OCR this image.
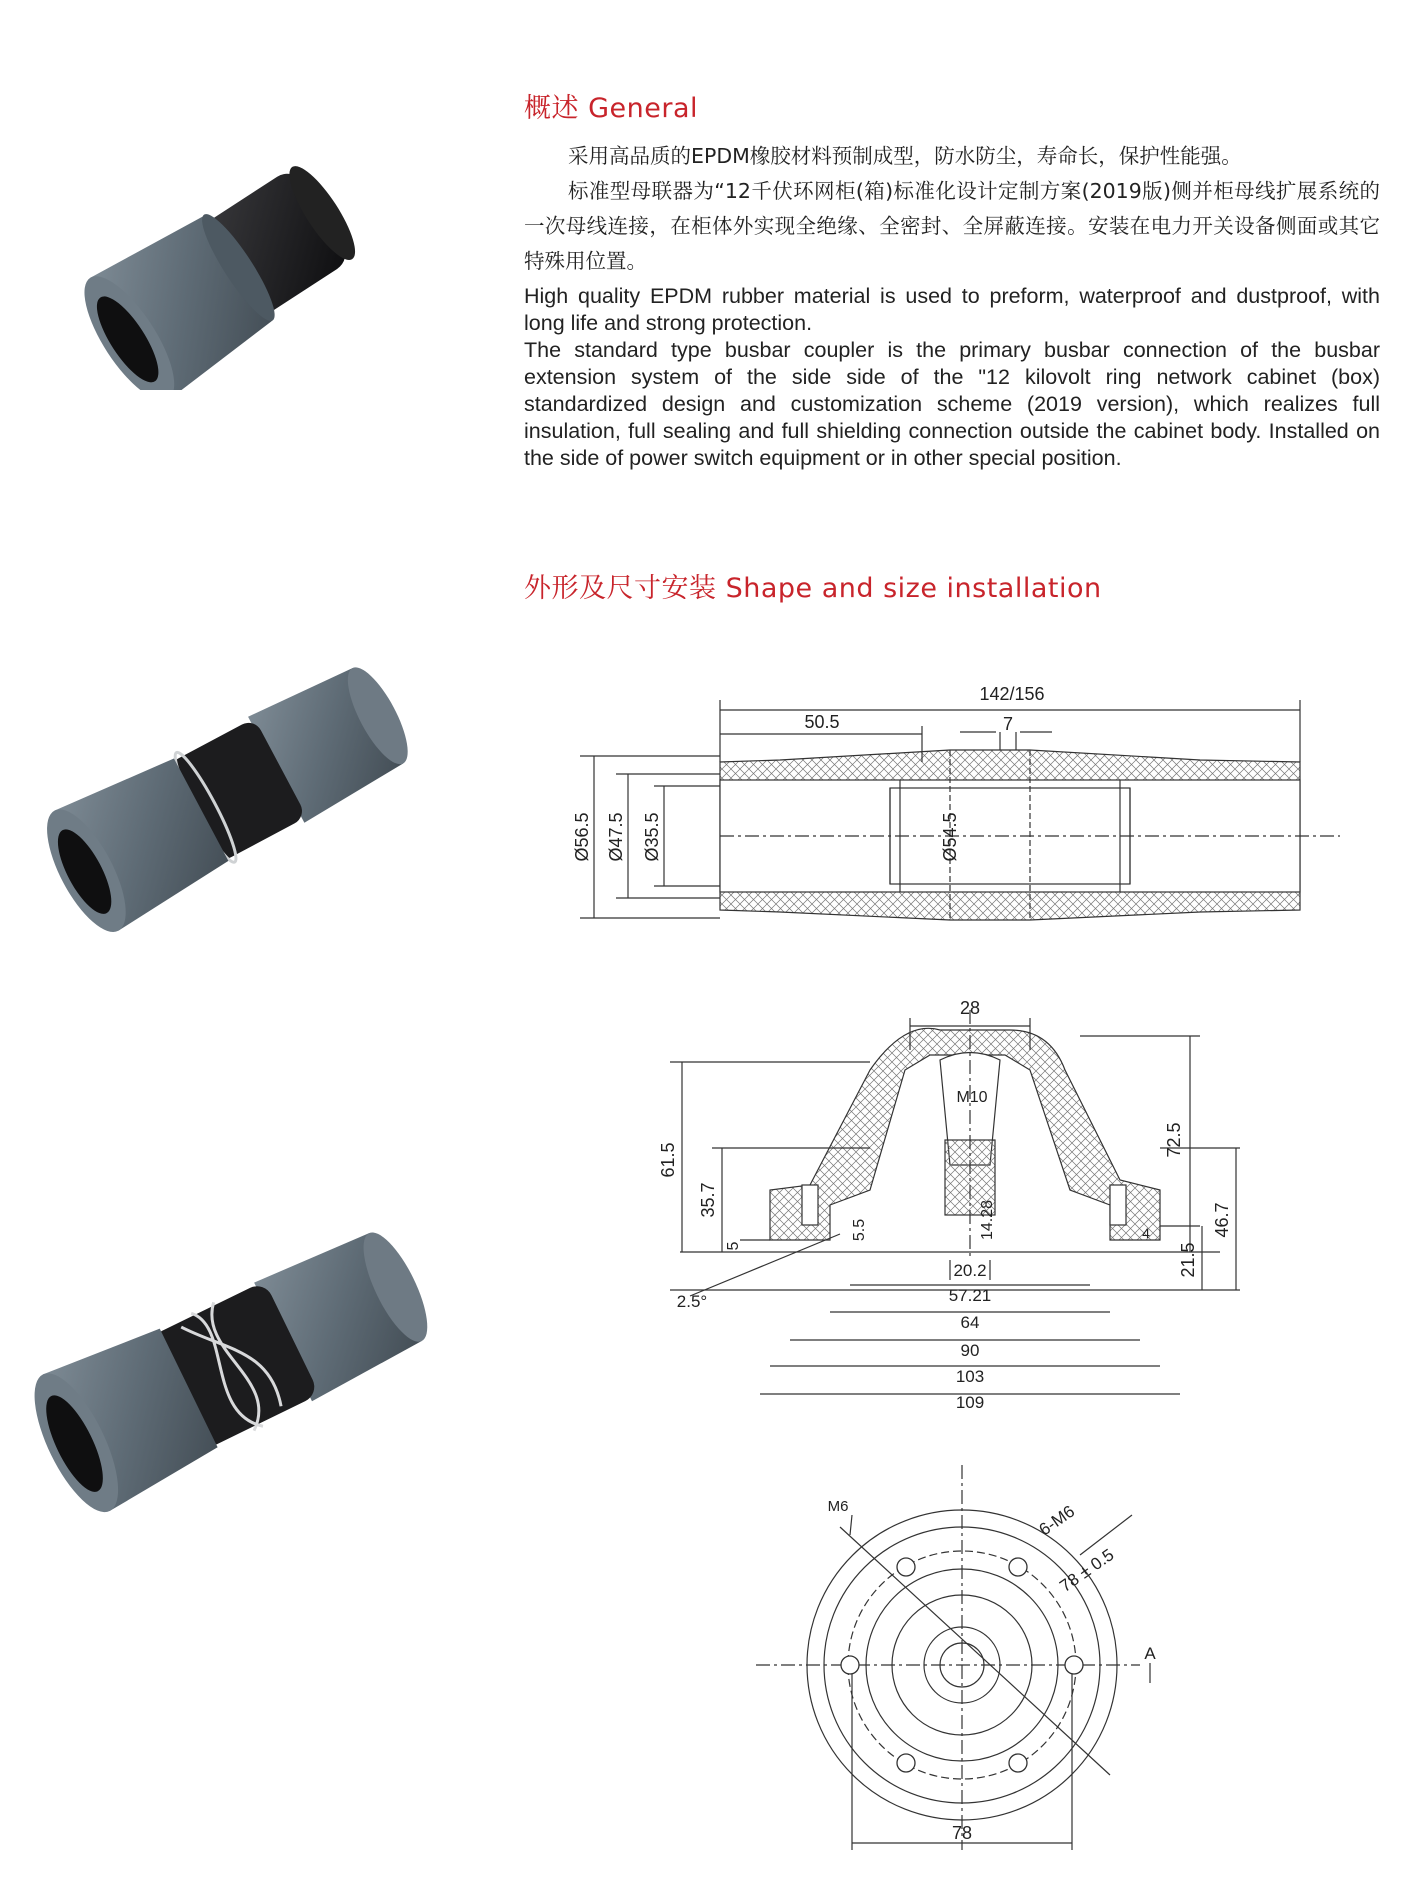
概述 General

采用高品质的EPDM橡胶材料预制成型，防水防尘，寿命长，保护性能强。

标准型母联器为“12千伏环网柜(箱)标准化设计定制方案(2019版)侧并柜母线扩展系统的一次母线连接，在柜体外实现全绝缘、全密封、全屏蔽连接。安装在电力开关设备侧面或其它特殊用位置。

High quality EPDM rubber material is used to preform, waterproof and dustproof, with long life and strong protection.

The standard type busbar coupler is the primary busbar connection of the busbar extension system of the side side of the "12 kilovolt ring network cabinet (box) standardized design and customization scheme (2019 version), which realizes full insulation, full sealing and full shielding connection outside the cabinet body. Installed on the side of power switch equipment or in other special position.

外形及尺寸安装 Shape and size installation
142/156
50.5	7
Ø56.5 Ø47.5 Ø35.5	Ø54.5
28
M10
61.5
35.7
5
5.5	14.28	4
72.5
46.7
21.5
2.5°
20.2
57.21
64
90
103
109
M6	6-M6
78 ± 0.5
A
78
